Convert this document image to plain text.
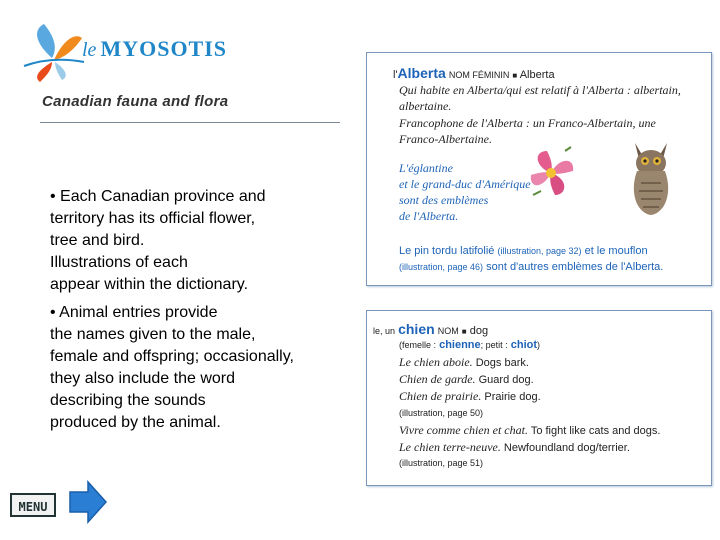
le MYOSOTIS
Canadian fauna and flora
• Each Canadian province and
territory has its official flower,
tree and bird.
Illustrations of each
appear within the dictionary.
• Animal entries provide
the names given to the male,
female and offspring; occasionally,
they also include the word
describing the sounds
produced by the animal.
l'Alberta NOM FÉMININ ■ Alberta
Qui habite en Alberta/qui est relatif à l'Alberta : albertain,
albertaine.
Francophone de l'Alberta : un Franco-Albertain, une
Franco-Albertaine.
L'églantine
et le grand-duc d'Amérique
sont des emblèmes
de l'Alberta.
Le pin tordu latifolié (illustration, page 32) et le mouflon
(illustration, page 46) sont d'autres emblèmes de l'Alberta.
le, un chien NOM ■ dog
(femelle : chienne; petit : chiot)
Le chien aboie. Dogs bark.
Chien de garde. Guard dog.
Chien de prairie. Prairie dog.
(illustration, page 50)
Vivre comme chien et chat. To fight like cats and dogs.
Le chien terre-neuve. Newfoundland dog/terrier.
(illustration, page 51)
MENU
